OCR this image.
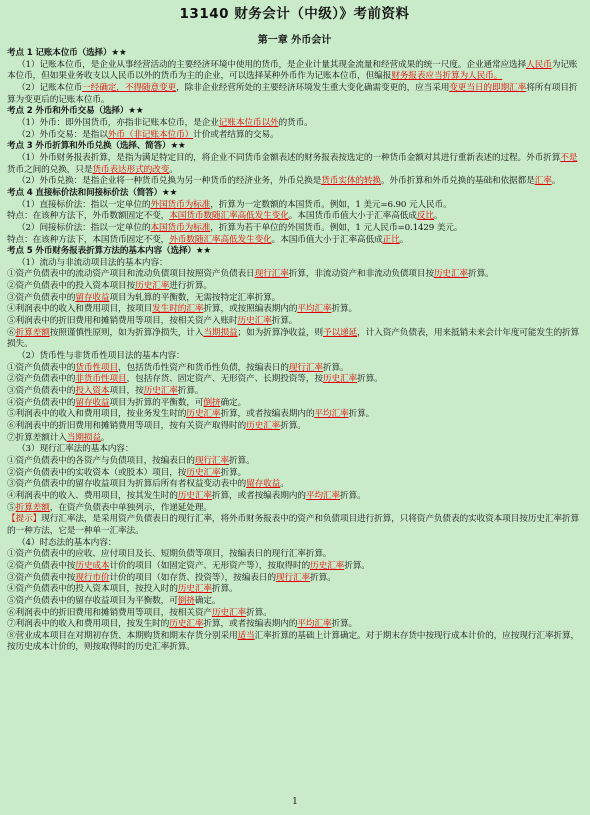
13140 财务会计（中级）》考前资料
第一章 外币会计

考点 1 记账本位币（选择）★★

（1）记账本位币，是企业从事经营活动的主要经济环境中使用的货币，是企业计量其现金流量和经营成果的统一尺度。企业通常应选择人民币为记账本位币，但如果业务收支以人民币以外的货币为主的企业，可以选择某种外币作为记账本位币，但编报财务报表应当折算为人民币。

（2）记账本位币一经确定，不得随意变更，除非企业经营所处的主要经济环境发生重大变化确需变更的，应当采用变更当日的即期汇率将所有项目折算为变更后的记账本位币。

考点 2 外币和外币交易（选择）★★

（1）外币：即外国货币，亦指非记账本位币，是企业记账本位币以外的货币。

（2）外币交易：是指以外币（非记账本位币）计价或者结算的交易。

考点 3 外币折算和外币兑换（选择、简答）★★

（1）外币财务报表折算，是指为满足特定目的，将企业不同货币金额表述的财务报表按选定的一种货币金额对其进行重新表述的过程。外币折算不是货币之间的兑换，只是货币表达形式的改变。

（2）外币兑换：是指企业将一种货币兑换为另一种货币的经济业务，外币兑换是货币实体的转换。外币折算和外币兑换的基础和依据都是汇率。

考点 4 直接标价法和间接标价法（简答）★★

（1）直接标价法：指以一定单位的外国货币为标准，折算为一定数额的本国货币。例如，1 美元=6.90 元人民币。

特点：在该种方法下，外币数额固定不变，本国货币数随汇率高低发生变化。本国货币币值大小于汇率高低成反比。

（2）间接标价法：指以一定单位的本国货币为标准，折算为若干单位的外国货币。例如，1 元人民币=0.1429 美元。

特点：在该种方法下，本国货币固定不变，外币数随汇率高低发生变化。本国币值大小于汇率高低成正比。

考点 5 外币财务报表折算方法的基本内容（选择）★★

（1）流动与非流动项目法的基本内容：

①资产负债表中的流动资产项目和流动负债项目按照资产负债表日现行汇率折算，非流动资产和非流动负债项目按历史汇率折算。

②资产负债表中的投入资本项目按历史汇率进行折算。

③资产负债表中的留存收益项目为轧算的平衡数，无需按特定汇率折算。

④利润表中的收入和费用项目，按项目发生时的汇率折算，或按照编表期内的平均汇率折算。

⑤利润表中的折旧费用和摊销费用等项目，按相关资产入账时历史汇率折算。

⑥折算差额按照谨慎性原则，如为折算净损失，计入当期损益；如为折算净收益，则予以递延，计入资产负债表，用来抵销未来会计年度可能发生的折算损失。

（2）货币性与非货币性项目法的基本内容：

①资产负债表中的货币性项目，包括货币性资产和货币性负债，按编表日的现行汇率折算。

②资产负债表中的非货币性项目，包括存货、固定资产、无形资产、长期投资等，按历史汇率折算。

③资产负债表中的投入资本项目，按历史汇率折算。

④资产负债表中的留存收益项目为折算的平衡数，可倒挤确定。

⑤利润表中的收入和费用项目，按业务发生时的历史汇率折算，或者按编表期内的平均汇率折算。

⑥利润表中的折旧费用和摊销费用等项目，按有关资产取得时的历史汇率折算。

⑦折算差额计入当期损益。

（3）现行汇率法的基本内容：

①资产负债表中的各资产与负债项目，按编表日的现行汇率折算。

②资产负债表中的实收资本（或股本）项目，按历史汇率折算。

③资产负债表中的留存收益项目为折算后所有者权益变动表中的留存收益。

④利润表中的收入、费用项目，按其发生时的历史汇率折算，或者按编表期内的平均汇率折算。

⑤折算差额，在资产负债表中单独列示，作递延处理。

【提示】现行汇率法，是采用资产负债表日的现行汇率，将外币财务报表中的资产和负债项目进行折算，只将资产负债表的实收资本项目按历史汇率折算的一种方法，它是一种单一汇率法。

（4）时态法的基本内容：

①资产负债表中的应收、应付项目及长、短期负债等项目，按编表日的现行汇率折算。

②资产负债表中按历史成本计价的项目（如固定资产、无形资产等），按取得时的历史汇率折算。

③资产负债表中按现行市价计价的项目（如存货、投资等），按编表日的现行汇率折算。

④资产负债表中的投入资本项目，按投入时的历史汇率折算。

⑤资产负债表中的留存收益项目为平衡数，可倒挤确定。

⑥利润表中的折旧费用和摊销费用等项目，按相关资产历史汇率折算。

⑦利润表中的收入和费用项目，按发生时的历史汇率折算，或者按编表期内的平均汇率折算。

⑧营业成本项目在对期初存货、本期购货和期末存货分别采用适当汇率折算的基础上计算确定。对于期末存货中按现行成本计价的，应按现行汇率折算，按历史成本计价的，则按取得时的历史汇率折算。

1
